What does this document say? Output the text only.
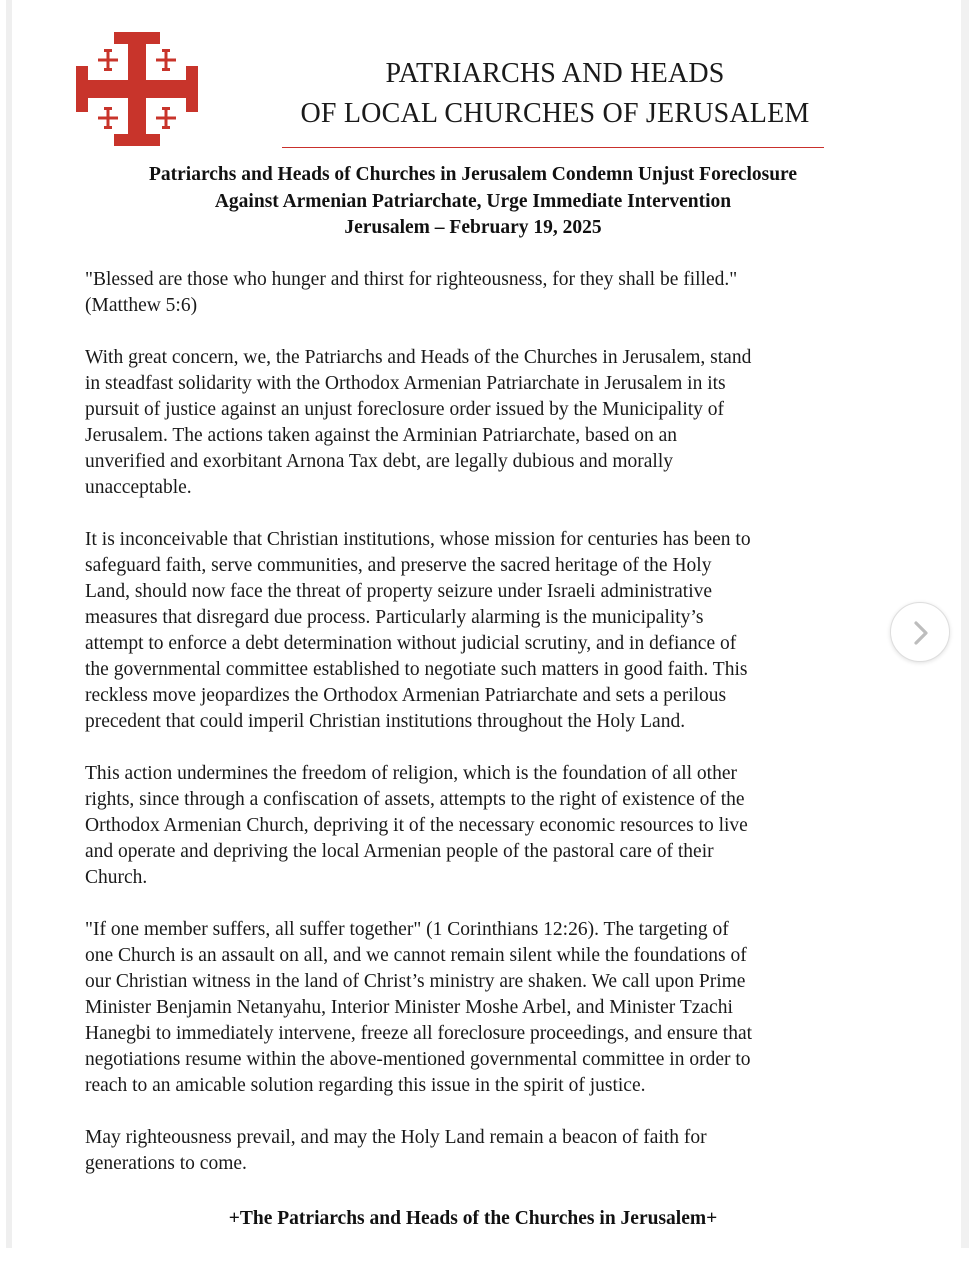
PATRIARCHS AND HEADS
OF LOCAL CHURCHES OF JERUSALEM
Patriarchs and Heads of Churches in Jerusalem Condemn Unjust Foreclosure
Against Armenian Patriarchate, Urge Immediate Intervention
Jerusalem – February 19, 2025
"Blessed are those who hunger and thirst for righteousness, for they shall be filled."
(Matthew 5:6)
With great concern, we, the Patriarchs and Heads of the Churches in Jerusalem, stand
in steadfast solidarity with the Orthodox Armenian Patriarchate in Jerusalem in its
pursuit of justice against an unjust foreclosure order issued by the Municipality of
Jerusalem. The actions taken against the Arminian Patriarchate, based on an
unverified and exorbitant Arnona Tax debt, are legally dubious and morally
unacceptable.
It is inconceivable that Christian institutions, whose mission for centuries has been to
safeguard faith, serve communities, and preserve the sacred heritage of the Holy
Land, should now face the threat of property seizure under Israeli administrative
measures that disregard due process. Particularly alarming is the municipality’s
attempt to enforce a debt determination without judicial scrutiny, and in defiance of
the governmental committee established to negotiate such matters in good faith. This
reckless move jeopardizes the Orthodox Armenian Patriarchate and sets a perilous
precedent that could imperil Christian institutions throughout the Holy Land.
This action undermines the freedom of religion, which is the foundation of all other
rights, since through a confiscation of assets, attempts to the right of existence of the
Orthodox Armenian Church, depriving it of the necessary economic resources to live
and operate and depriving the local Armenian people of the pastoral care of their
Church.
"If one member suffers, all suffer together" (1 Corinthians 12:26). The targeting of
one Church is an assault on all, and we cannot remain silent while the foundations of
our Christian witness in the land of Christ’s ministry are shaken. We call upon Prime
Minister Benjamin Netanyahu, Interior Minister Moshe Arbel, and Minister Tzachi
Hanegbi to immediately intervene, freeze all foreclosure proceedings, and ensure that
negotiations resume within the above-mentioned governmental committee in order to
reach to an amicable solution regarding this issue in the spirit of justice.
May righteousness prevail, and may the Holy Land remain a beacon of faith for
generations to come.
+The Patriarchs and Heads of the Churches in Jerusalem+
